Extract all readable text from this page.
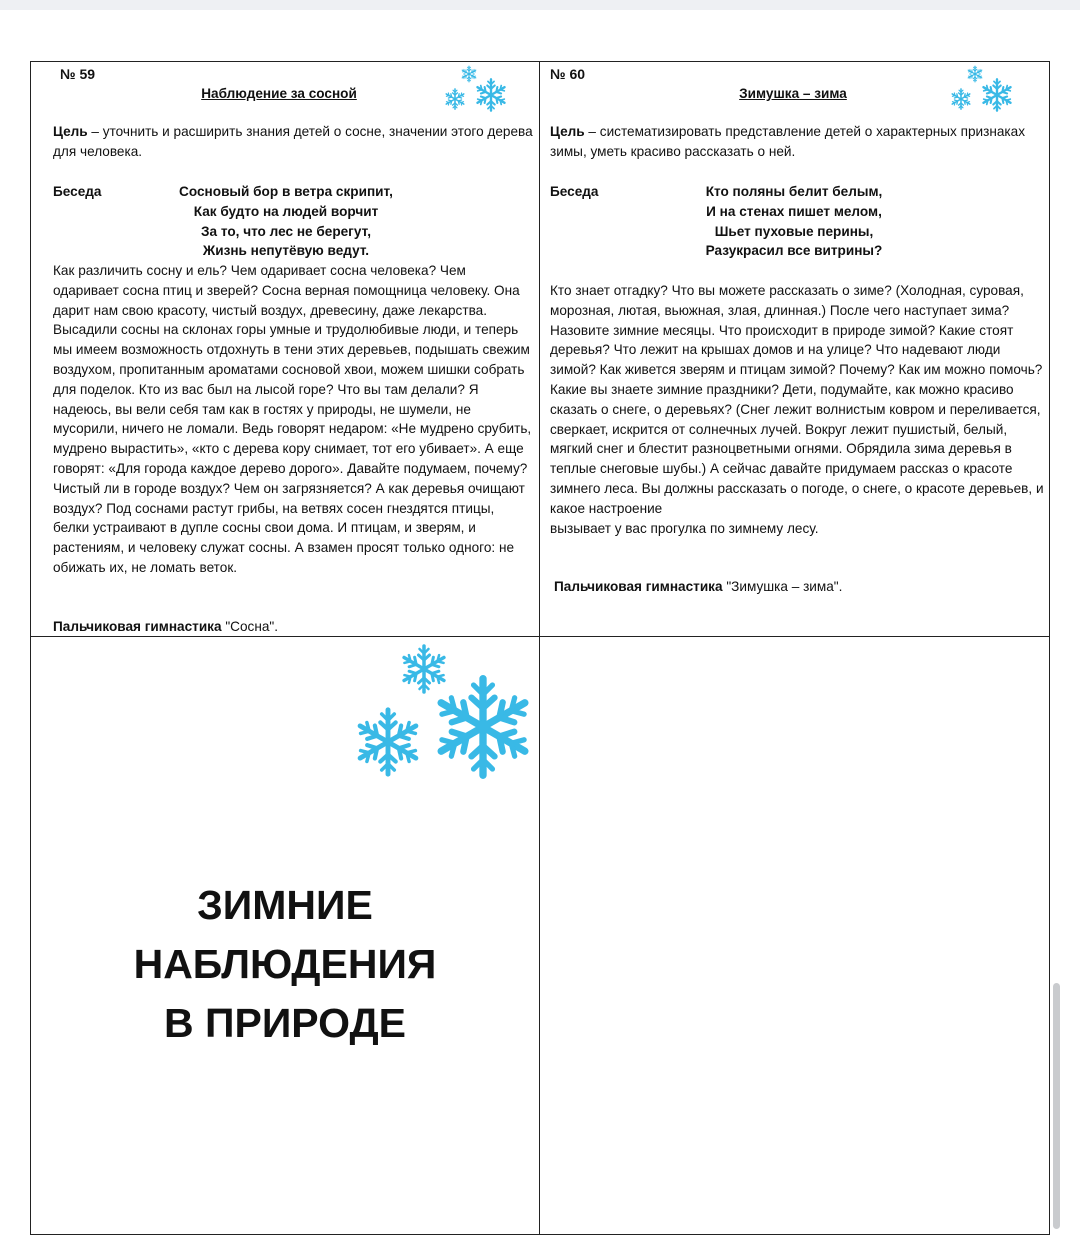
№ 59
Наблюдение за сосной
Цель – уточнить и расширить знания детей о сосне, значении этого дерева для человека.
Беседа	Сосновый бор в ветра скрипит,
Как будто на людей ворчит
За то, что лес не берегут,
Жизнь непутёвую ведут.
Как различить сосну и ель? Чем одаривает сосна человека? Чем одаривает сосна птиц и зверей? Сосна верная помощница человеку. Она дарит нам свою красоту, чистый воздух, древесину, даже лекарства. Высадили сосны на склонах горы умные и трудолюбивые люди, и теперь мы имеем возможность отдохнуть в тени этих деревьев, подышать свежим воздухом, пропитанным ароматами сосновой хвои, можем шишки собрать для поделок. Кто из вас был на лысой горе? Что вы там делали? Я надеюсь, вы вели себя там как в гостях у природы, не шумели, не мусорили, ничего не ломали. Ведь говорят недаром: «Не мудрено срубить, мудрено вырастить», «кто с дерева кору снимает, тот его убивает». А еще говорят: «Для города каждое дерево дорого». Давайте подумаем, почему? Чистый ли в городе воздух? Чем он загрязняется? А как деревья очищают воздух? Под соснами растут грибы, на ветвях сосен гнездятся птицы, белки устраивают в дупле сосны свои дома. И птицам, и зверям, и растениям, и человеку служат сосны. А взамен просят только одного: не обижать их, не ломать веток.
Пальчиковая гимнастика "Сосна".
№ 60
Зимушка – зима
Цель – систематизировать представление детей о характерных признаках зимы, уметь красиво рассказать о ней.
Беседа	Кто поляны белит белым,
И на стенах пишет мелом,
Шьет пуховые перины,
Разукрасил все витрины?
Кто знает отгадку? Что вы можете рассказать о зиме? (Холодная, суровая, морозная, лютая, вьюжная, злая, длинная.) После чего наступает зима? Назовите зимние месяцы. Что происходит в природе зимой? Какие стоят деревья? Что лежит на крышах домов и на улице? Что надевают люди зимой? Как живется зверям и птицам зимой? Почему? Как им можно помочь? Какие вы знаете зимние праздники? Дети, подумайте, как можно красиво сказать о снеге, о деревьях? (Снег лежит волнистым ковром и переливается, сверкает, искрится от солнечных лучей. Вокруг лежит пушистый, белый, мягкий снег и блестит разноцветными огнями. Обрядила зима деревья в теплые снеговые шубы.) А сейчас давайте придумаем рассказ о красоте зимнего леса. Вы должны рассказать о погоде, о снеге, о красоте деревьев, и какое настроение
вызывает у вас прогулка по зимнему лесу.
Пальчиковая гимнастика "Зимушка – зима".
ЗИМНИЕ
НАБЛЮДЕНИЯ
В ПРИРОДЕ
